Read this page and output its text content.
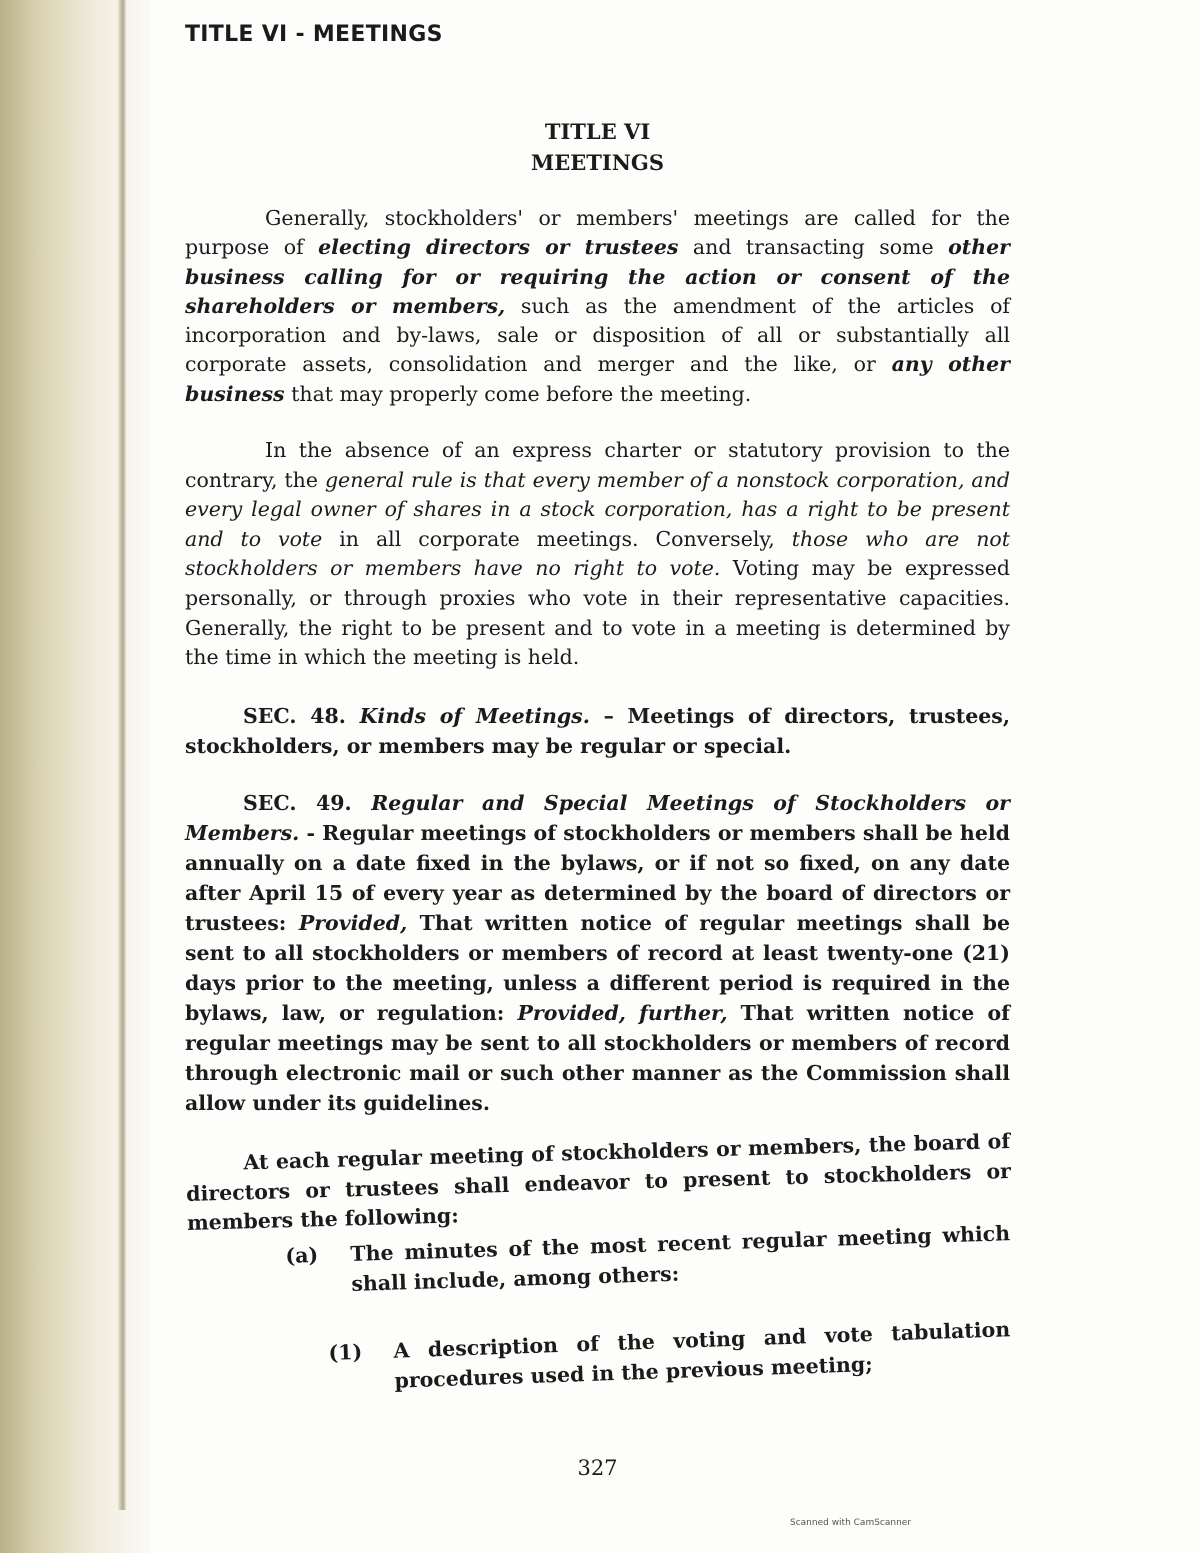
TITLE VI - MEETINGS
TITLE VI
MEETINGS

Generally, stockholders' or members' meetings are called for the purpose of electing directors or trustees and transacting some other business calling for or requiring the action or consent of the shareholders or members, such as the amendment of the articles of incorporation and by-laws, sale or disposition of all or substantially all corporate assets, consolidation and merger and the like, or any other business that may properly come before the meeting.

In the absence of an express charter or statutory provision to the contrary, the general rule is that every member of a nonstock corporation, and every legal owner of shares in a stock corporation, has a right to be present and to vote in all corporate meetings. Conversely, those who are not stockholders or members have no right to vote. Voting may be expressed personally, or through proxies who vote in their representative capacities. Generally, the right to be present and to vote in a meeting is determined by the time in which the meeting is held.

SEC. 48. Kinds of Meetings. – Meetings of directors, trustees, stockholders, or members may be regular or special.

SEC. 49. Regular and Special Meetings of Stockholders or Members. - Regular meetings of stockholders or members shall be held annually on a date fixed in the bylaws, or if not so fixed, on any date after April 15 of every year as determined by the board of directors or trustees: Provided, That written notice of regular meetings shall be sent to all stockholders or members of record at least twenty-one (21) days prior to the meeting, unless a different period is required in the bylaws, law, or regulation: Provided, further, That written notice of regular meetings may be sent to all stockholders or members of record through electronic mail or such other manner as the Commission shall allow under its guidelines.

At each regular meeting of stockholders or members, the board of directors or trustees shall endeavor to present to stockholders or members the following:

(a) The minutes of the most recent regular meeting which shall include, among others:
(1) A description of the voting and vote tabulation procedures used in the previous meeting;
327
Scanned with CamScanner
